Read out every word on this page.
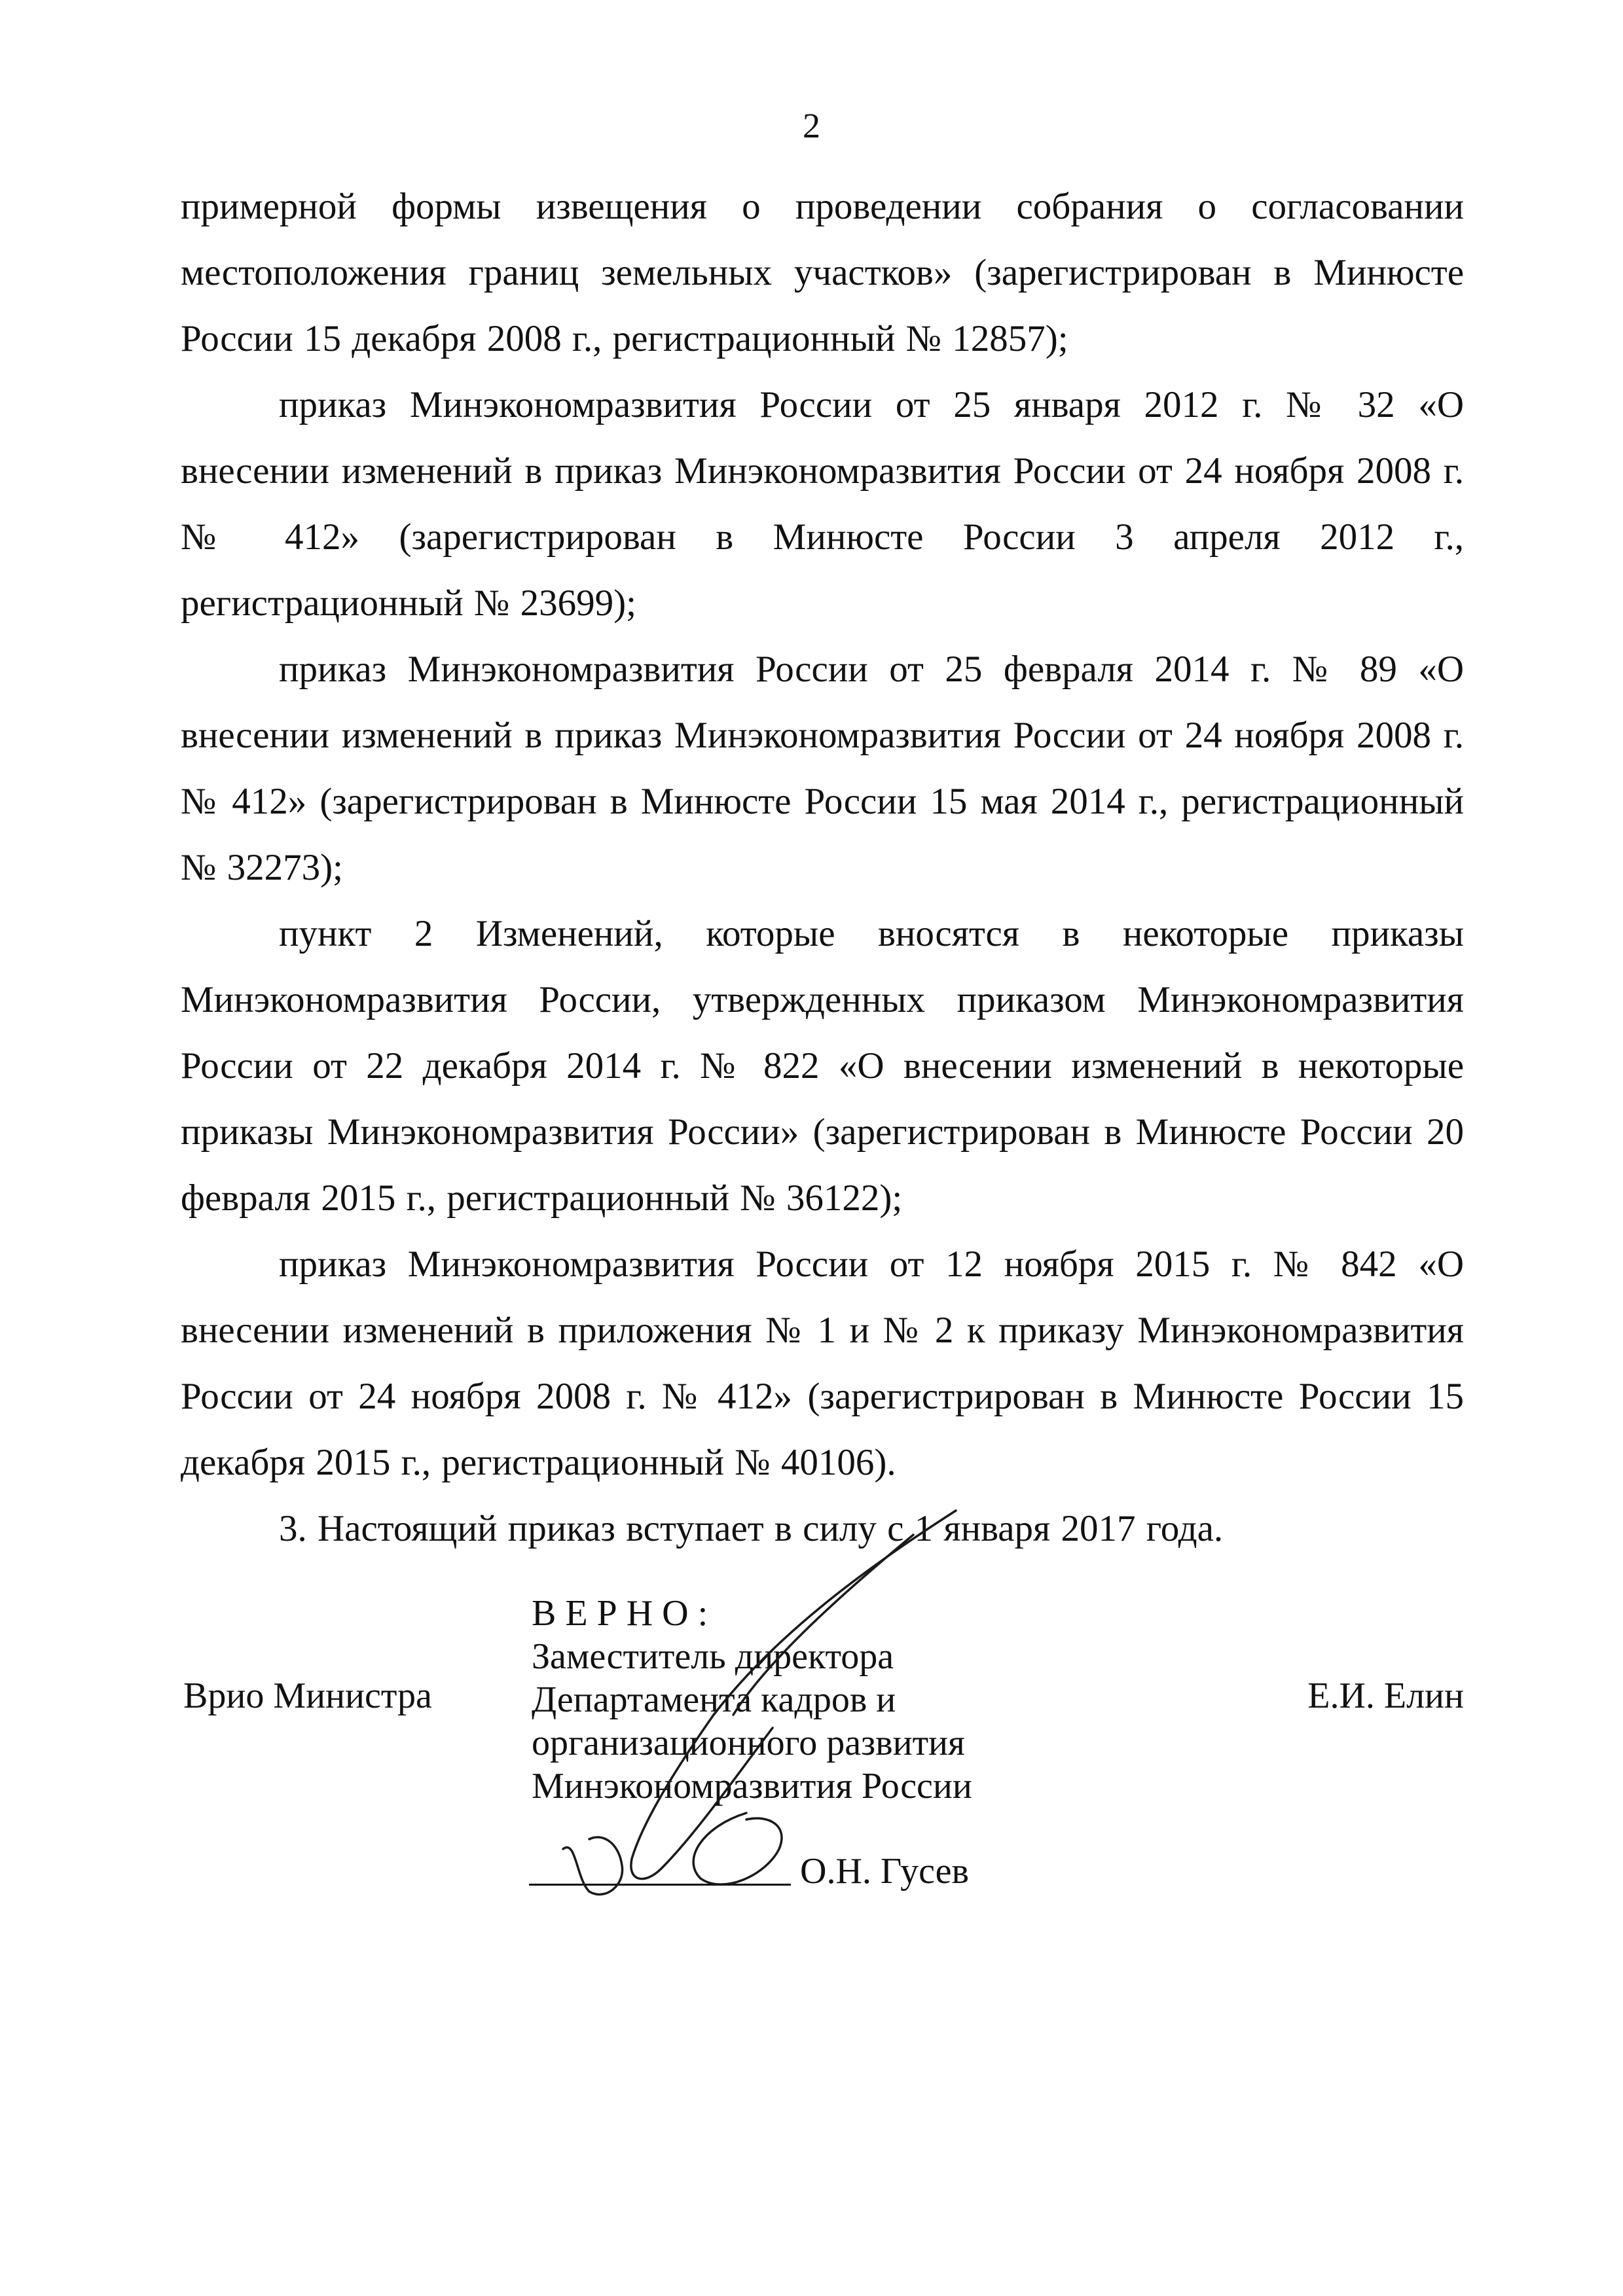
2

примерной формы извещения о проведении собрания о согласовании местоположения границ земельных участков» (зарегистрирован в Минюсте России 15 декабря 2008 г., регистрационный № 12857);

приказ Минэкономразвития России от 25 января 2012 г. № 32 «О внесении изменений в приказ Минэкономразвития России от 24 ноября 2008 г. № 412» (зарегистрирован в Минюсте России 3 апреля 2012 г., регистрационный № 23699);

приказ Минэкономразвития России от 25 февраля 2014 г. № 89 «О внесении изменений в приказ Минэкономразвития России от 24 ноября 2008 г. № 412» (зарегистрирован в Минюсте России 15 мая 2014 г., регистрационный № 32273);

пункт 2 Изменений, которые вносятся в некоторые приказы Минэкономразвития России, утвержденных приказом Минэкономразвития России от 22 декабря 2014 г. № 822 «О внесении изменений в некоторые приказы Минэкономразвития России» (зарегистрирован в Минюсте России 20 февраля 2015 г., регистрационный № 36122);

приказ Минэкономразвития России от 12 ноября 2015 г. № 842 «О внесении изменений в приложения № 1 и № 2 к приказу Минэкономразвития России от 24 ноября 2008 г. № 412» (зарегистрирован в Минюсте России 15 декабря 2015 г., регистрационный № 40106).

3. Настоящий приказ вступает в силу с 1 января 2017 года.

Врио Министра
ВЕРНО:
Заместитель директора
Департамента кадров и
организационного развития
Минэкономразвития России
Е.И. Елин
О.Н. Гусев
